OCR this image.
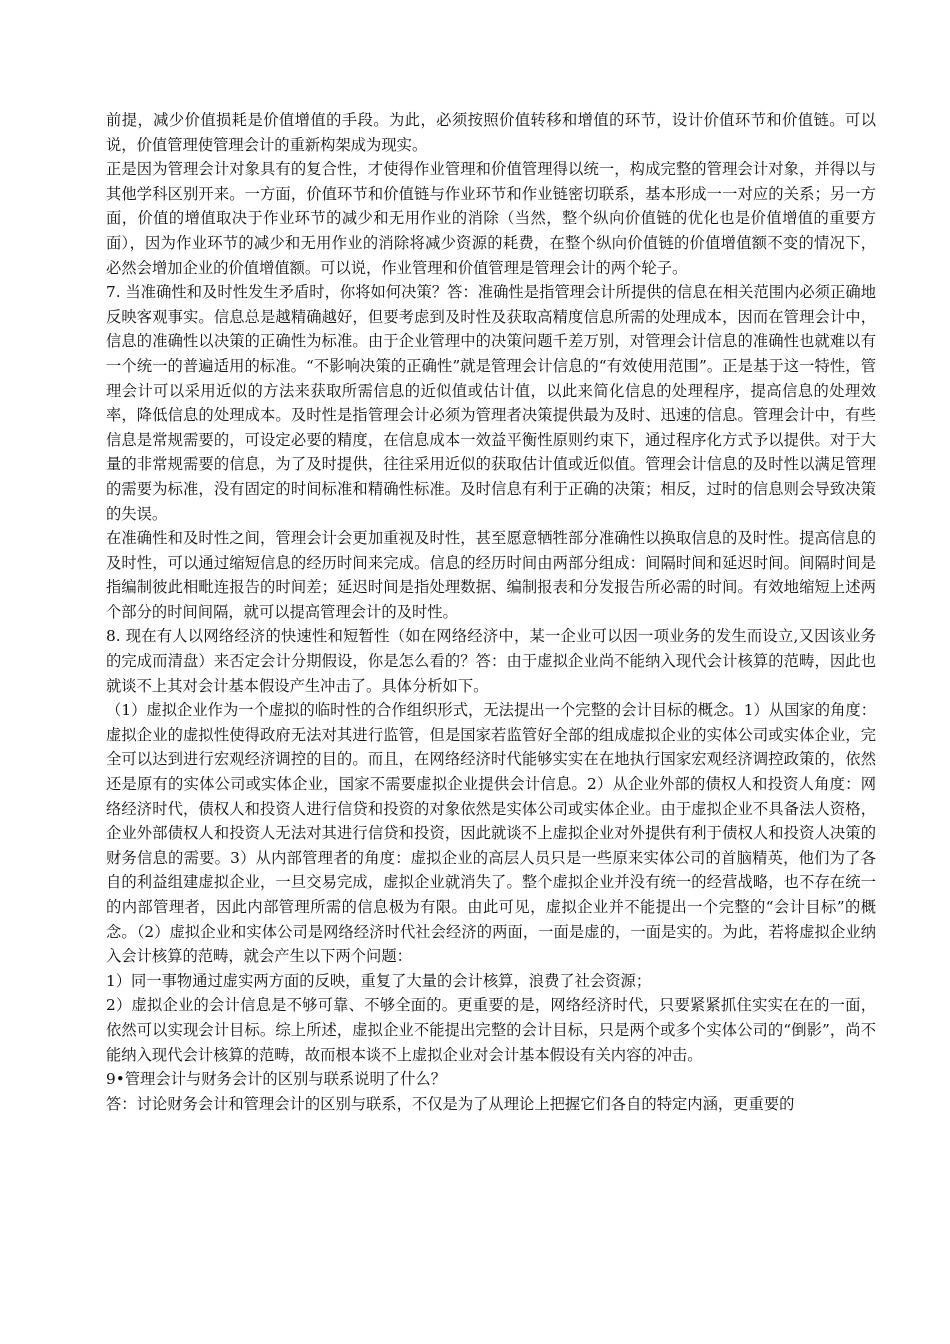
前提，减少价值损耗是价值增值的手段。为此，必须按照价值转移和增值的环节，设计价值环节和价值链。可以说，价值管理使管理会计的重新构架成为现实。

正是因为管理会计对象具有的复合性，才使得作业管理和价值管理得以统一，构成完整的管理会计对象，并得以与其他学科区别开来。一方面，价值环节和价值链与作业环节和作业链密切联系，基本形成一一对应的关系；另一方面，价值的增值取决于作业环节的减少和无用作业的消除（当然，整个纵向价值链的优化也是价值增值的重要方面），因为作业环节的减少和无用作业的消除将减少资源的耗费，在整个纵向价值链的价值增值额不变的情况下，必然会增加企业的价值增值额。可以说，作业管理和价值管理是管理会计的两个轮子。

7. 当准确性和及时性发生矛盾时，你将如何决策？答：准确性是指管理会计所提供的信息在相关范围内必须正确地反映客观事实。信息总是越精确越好，但要考虑到及时性及获取高精度信息所需的处理成本，因而在管理会计中，信息的准确性以决策的正确性为标准。由于企业管理中的决策问题千差万别，对管理会计信息的准确性也就难以有一个统一的普遍适用的标准。“不影响决策的正确性”就是管理会计信息的“有效使用范围”。正是基于这一特性，管理会计可以采用近似的方法来获取所需信息的近似值或估计值，以此来简化信息的处理程序，提高信息的处理效率，降低信息的处理成本。及时性是指管理会计必须为管理者决策提供最为及时、迅速的信息。管理会计中，有些信息是常规需要的，可设定必要的精度，在信息成本一效益平衡性原则约束下，通过程序化方式予以提供。对于大量的非常规需要的信息，为了及时提供，往往采用近似的获取估计值或近似值。管理会计信息的及时性以满足管理的需要为标准，没有固定的时间标准和精确性标准。及时信息有利于正确的决策；相反，过时的信息则会导致决策的失误。

在准确性和及时性之间，管理会计会更加重视及时性，甚至愿意牺牲部分准确性以换取信息的及时性。提高信息的及时性，可以通过缩短信息的经历时间来完成。信息的经历时间由两部分组成：间隔时间和延迟时间。间隔时间是指编制彼此相毗连报告的时间差；延迟时间是指处理数据、编制报表和分发报告所必需的时间。有效地缩短上述两个部分的时间间隔，就可以提高管理会计的及时性。

8. 现在有人以网络经济的快速性和短暂性（如在网络经济中，某一企业可以因一项业务的发生而设立,又因该业务的完成而清盘）来否定会计分期假设，你是怎么看的？答：由于虚拟企业尚不能纳入现代会计核算的范畴，因此也就谈不上其对会计基本假设产生冲击了。具体分析如下。

（1）虚拟企业作为一个虚拟的临时性的合作组织形式，无法提出一个完整的会计目标的概念。1）从国家的角度：虚拟企业的虚拟性使得政府无法对其进行监管，但是国家若监管好全部的组成虚拟企业的实体公司或实体企业，完全可以达到进行宏观经济调控的目的。而且，在网络经济时代能够实实在在地执行国家宏观经济调控政策的，依然还是原有的实体公司或实体企业，国家不需要虚拟企业提供会计信息。2）从企业外部的债权人和投资人角度：网络经济时代，债权人和投资人进行信贷和投资的对象依然是实体公司或实体企业。由于虚拟企业不具备法人资格，企业外部债权人和投资人无法对其进行信贷和投资，因此就谈不上虚拟企业对外提供有利于债权人和投资人决策的财务信息的需要。3）从内部管理者的角度：虚拟企业的高层人员只是一些原来实体公司的首脑精英，他们为了各自的利益组建虚拟企业，一旦交易完成，虚拟企业就消失了。整个虚拟企业并没有统一的经营战略，也不存在统一的内部管理者，因此内部管理所需的信息极为有限。由此可见，虚拟企业并不能提出一个完整的“会计目标”的概念。（2）虚拟企业和实体公司是网络经济时代社会经济的两面，一面是虚的，一面是实的。为此，若将虚拟企业纳入会计核算的范畴，就会产生以下两个问题：

1）同一事物通过虚实两方面的反映，重复了大量的会计核算，浪费了社会资源；

2）虚拟企业的会计信息是不够可靠、不够全面的。更重要的是，网络经济时代，只要紧紧抓住实实在在的一面，依然可以实现会计目标。综上所述，虚拟企业不能提出完整的会计目标，只是两个或多个实体公司的“倒影”，尚不能纳入现代会计核算的范畴，故而根本谈不上虚拟企业对会计基本假设有关内容的冲击。

9•管理会计与财务会计的区别与联系说明了什么？

答：讨论财务会计和管理会计的区别与联系，不仅是为了从理论上把握它们各自的特定内涵，更重要的
